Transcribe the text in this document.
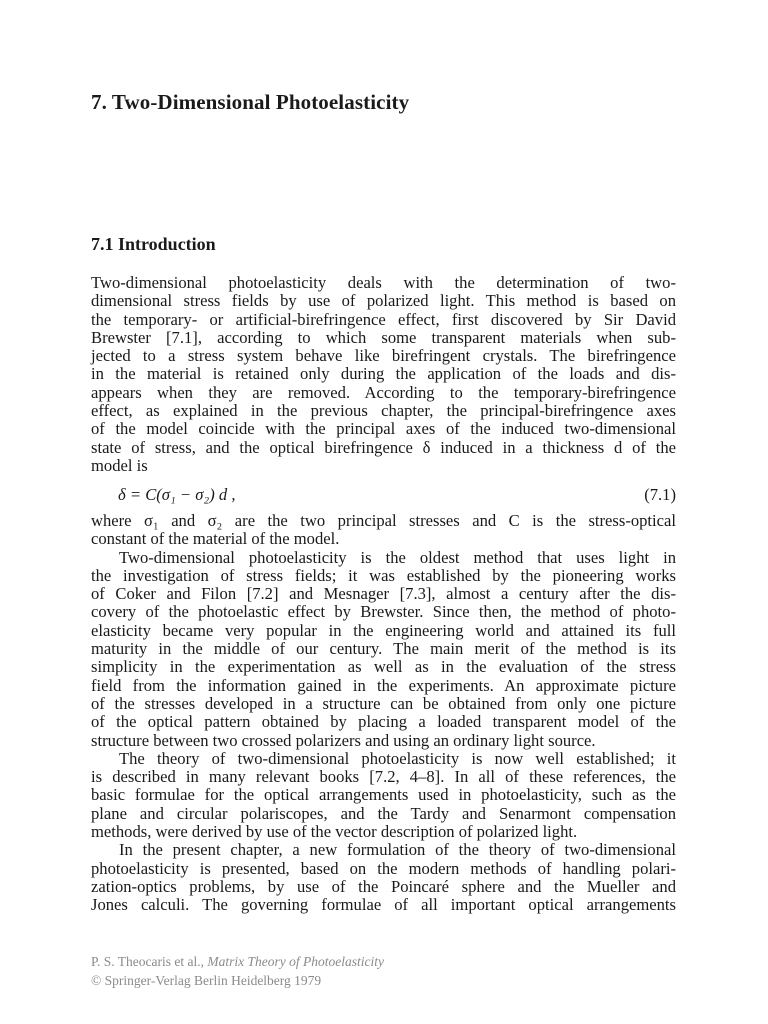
7. Two-Dimensional Photoelasticity
7.1 Introduction
Two-dimensional photoelasticity deals with the determination of two-
dimensional stress fields by use of polarized light. This method is based on
the temporary- or artificial-birefringence effect, first discovered by Sir David
Brewster [7.1], according to which some transparent materials when sub-
jected to a stress system behave like birefringent crystals. The birefringence
in the material is retained only during the application of the loads and dis-
appears when they are removed. According to the temporary-birefringence
effect, as explained in the previous chapter, the principal-birefringence axes
of the model coincide with the principal axes of the induced two-dimensional
state of stress, and the optical birefringence δ induced in a thickness d of the
model is
δ = C(σ₁ − σ₂) d ,	(7.1)
where σ₁ and σ₂ are the two principal stresses and C is the stress-optical
constant of the material of the model.
Two-dimensional photoelasticity is the oldest method that uses light in
the investigation of stress fields; it was established by the pioneering works
of Coker and Filon [7.2] and Mesnager [7.3], almost a century after the dis-
covery of the photoelastic effect by Brewster. Since then, the method of photo-
elasticity became very popular in the engineering world and attained its full
maturity in the middle of our century. The main merit of the method is its
simplicity in the experimentation as well as in the evaluation of the stress
field from the information gained in the experiments. An approximate picture
of the stresses developed in a structure can be obtained from only one picture
of the optical pattern obtained by placing a loaded transparent model of the
structure between two crossed polarizers and using an ordinary light source.
The theory of two-dimensional photoelasticity is now well established; it
is described in many relevant books [7.2, 4–8]. In all of these references, the
basic formulae for the optical arrangements used in photoelasticity, such as the
plane and circular polariscopes, and the Tardy and Senarmont compensation
methods, were derived by use of the vector description of polarized light.
In the present chapter, a new formulation of the theory of two-dimensional
photoelasticity is presented, based on the modern methods of handling polari-
zation-optics problems, by use of the Poincaré sphere and the Mueller and
Jones calculi. The governing formulae of all important optical arrangements
P. S. Theocaris et al., Matrix Theory of Photoelasticity
© Springer-Verlag Berlin Heidelberg 1979
